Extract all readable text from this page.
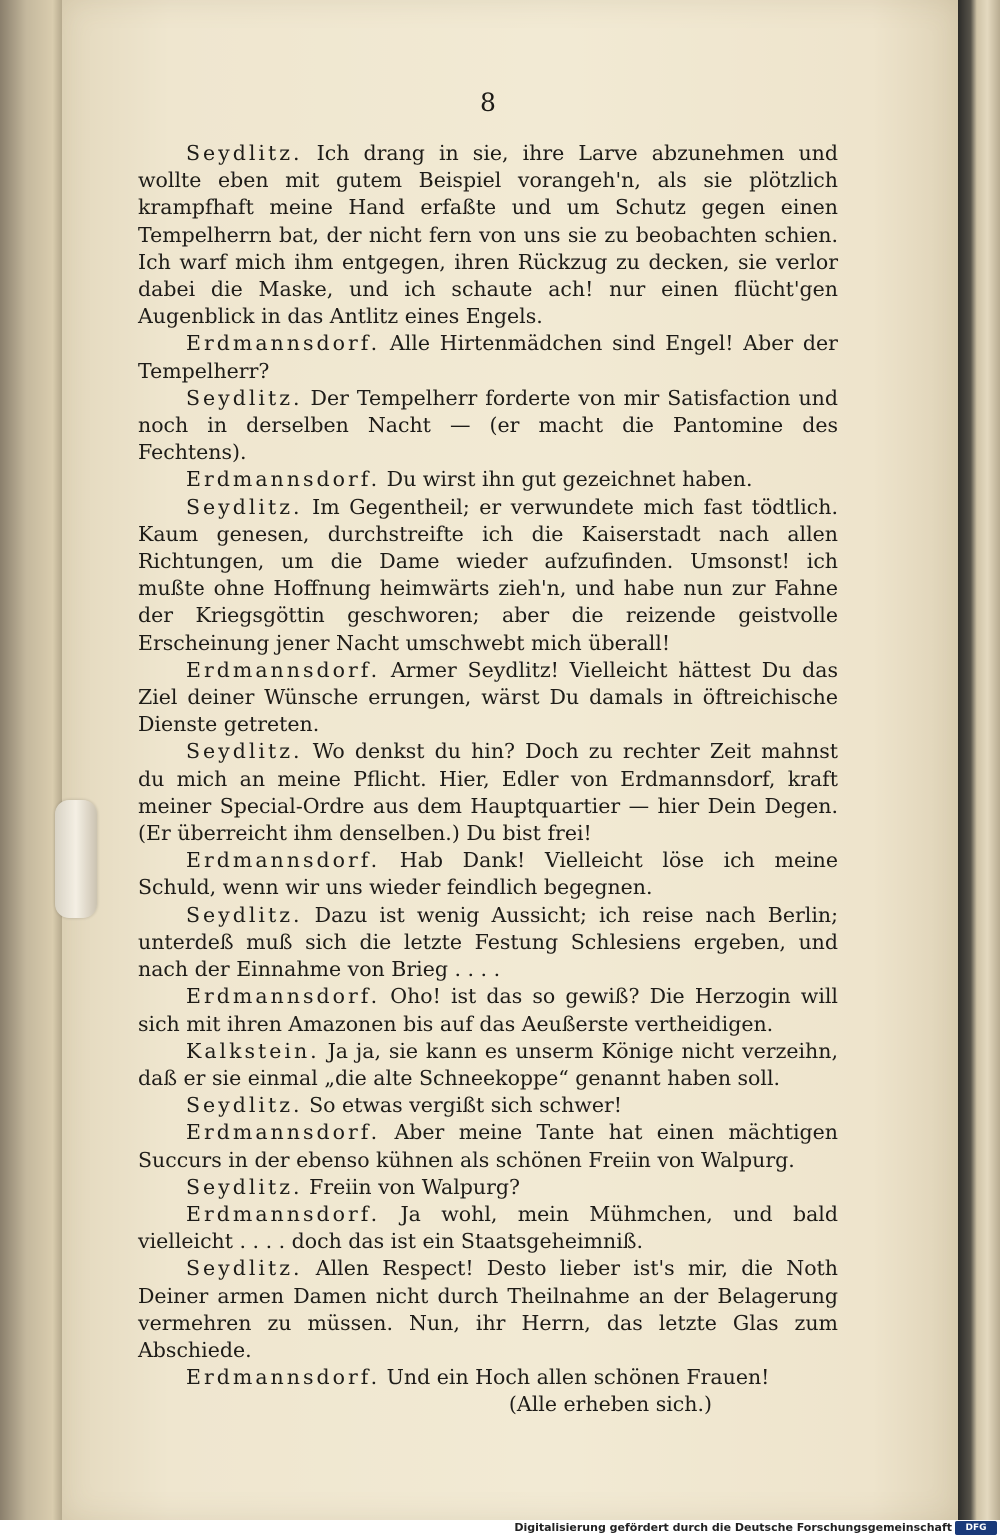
8

Seydlitz. Ich drang in sie, ihre Larve abzunehmen und wollte eben mit gutem Beispiel vorangeh'n, als sie plötzlich krampfhaft meine Hand erfaßte und um Schutz gegen einen Tempelherrn bat, der nicht fern von uns sie zu beobachten schien. Ich warf mich ihm entgegen, ihren Rückzug zu decken, sie verlor dabei die Maske, und ich schaute ach! nur einen flücht'gen Augenblick in das Antlitz eines Engels.

Erdmannsdorf. Alle Hirtenmädchen sind Engel! Aber der Tempelherr?

Seydlitz. Der Tempelherr forderte von mir Satisfaction und noch in derselben Nacht — (er macht die Pantomine des Fechtens).

Erdmannsdorf. Du wirst ihn gut gezeichnet haben.

Seydlitz. Im Gegentheil; er verwundete mich fast tödtlich. Kaum genesen, durchstreifte ich die Kaiserstadt nach allen Richtungen, um die Dame wieder aufzufinden. Umsonst! ich mußte ohne Hoffnung heimwärts zieh'n, und habe nun zur Fahne der Kriegsgöttin geschworen; aber die reizende geistvolle Erscheinung jener Nacht umschwebt mich überall!

Erdmannsdorf. Armer Seydlitz! Vielleicht hättest Du das Ziel deiner Wünsche errungen, wärst Du damals in öftreichische Dienste getreten.

Seydlitz. Wo denkst du hin? Doch zu rechter Zeit mahnst du mich an meine Pflicht. Hier, Edler von Erdmannsdorf, kraft meiner Special-Ordre aus dem Hauptquartier — hier Dein Degen. (Er überreicht ihm denselben.) Du bist frei!

Erdmannsdorf. Hab Dank! Vielleicht löse ich meine Schuld, wenn wir uns wieder feindlich begegnen.

Seydlitz. Dazu ist wenig Aussicht; ich reise nach Berlin; unterdeß muß sich die letzte Festung Schlesiens ergeben, und nach der Einnahme von Brieg . . . .

Erdmannsdorf. Oho! ist das so gewiß? Die Herzogin will sich mit ihren Amazonen bis auf das Aeußerste vertheidigen.

Kalkstein. Ja ja, sie kann es unserm Könige nicht verzeihn, daß er sie einmal „die alte Schneekoppe“ genannt haben soll.

Seydlitz. So etwas vergißt sich schwer!

Erdmannsdorf. Aber meine Tante hat einen mächtigen Succurs in der ebenso kühnen als schönen Freiin von Walpurg.

Seydlitz. Freiin von Walpurg?

Erdmannsdorf. Ja wohl, mein Mühmchen, und bald vielleicht . . . . doch das ist ein Staatsgeheimniß.

Seydlitz. Allen Respect! Desto lieber ist's mir, die Noth Deiner armen Damen nicht durch Theilnahme an der Belagerung vermehren zu müssen. Nun, ihr Herrn, das letzte Glas zum Abschiede.

Erdmannsdorf. Und ein Hoch allen schönen Frauen!

(Alle erheben sich.)

Digitalisierung gefördert durch die Deutsche Forschungsgemeinschaft	DFG
